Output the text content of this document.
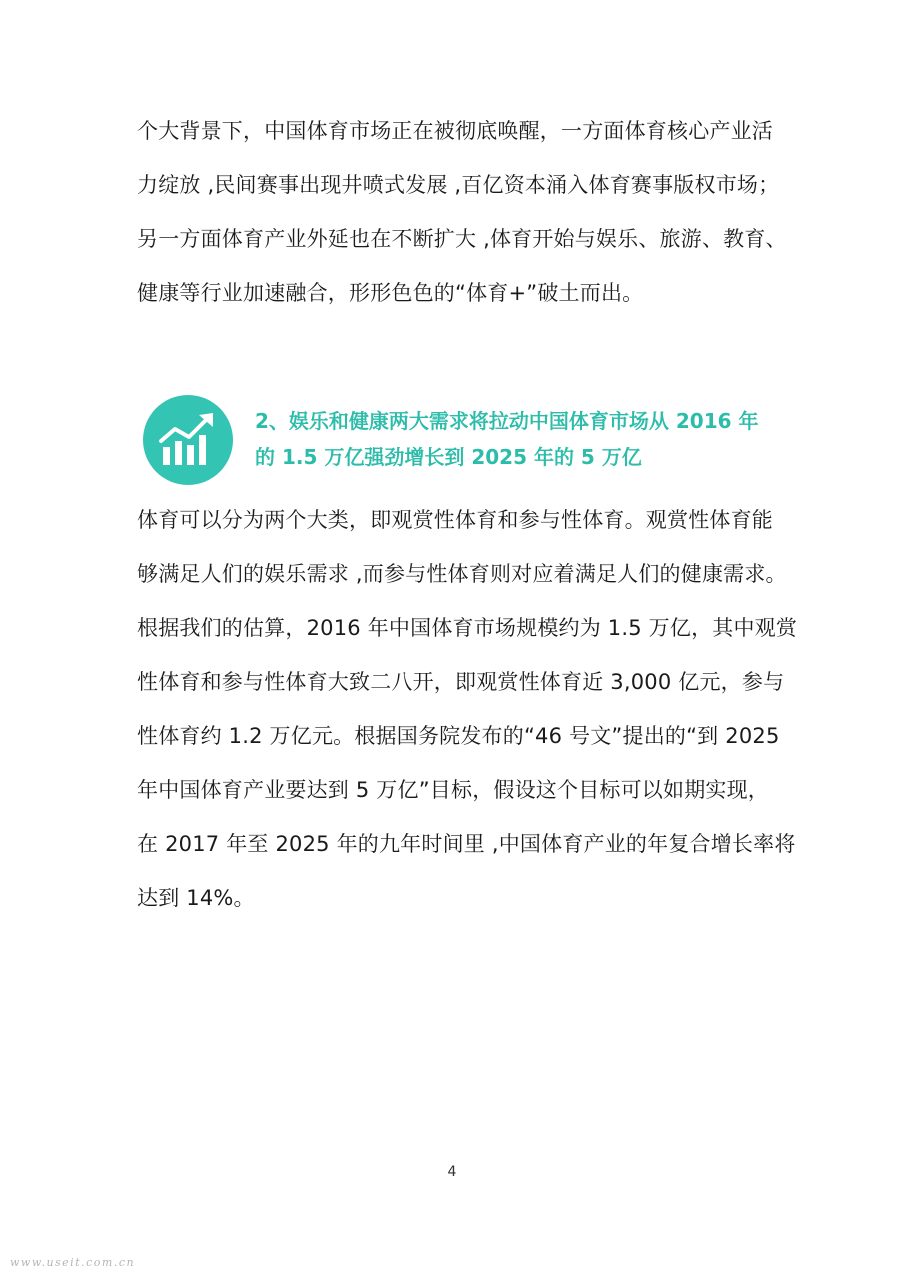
个大背景下，中国体育市场正在被彻底唤醒，一方面体育核心产业活
力绽放 ,民间赛事出现井喷式发展 ,百亿资本涌入体育赛事版权市场；
另一方面体育产业外延也在不断扩大 ,体育开始与娱乐、旅游、教育、
健康等行业加速融合，形形色色的“体育+”破土而出。
2、娱乐和健康两大需求将拉动中国体育市场从 2016 年
的 1.5 万亿强劲增长到 2025 年的 5 万亿
体育可以分为两个大类，即观赏性体育和参与性体育。观赏性体育能
够满足人们的娱乐需求 ,而参与性体育则对应着满足人们的健康需求。
根据我们的估算，2016 年中国体育市场规模约为 1.5 万亿，其中观赏
性体育和参与性体育大致二八开，即观赏性体育近 3,000 亿元，参与
性体育约 1.2 万亿元。根据国务院发布的“46 号文”提出的“到 2025
年中国体育产业要达到 5 万亿”目标，假设这个目标可以如期实现，
在 2017 年至 2025 年的九年时间里 ,中国体育产业的年复合增长率将
达到 14%。
4
www.useit.com.cn
